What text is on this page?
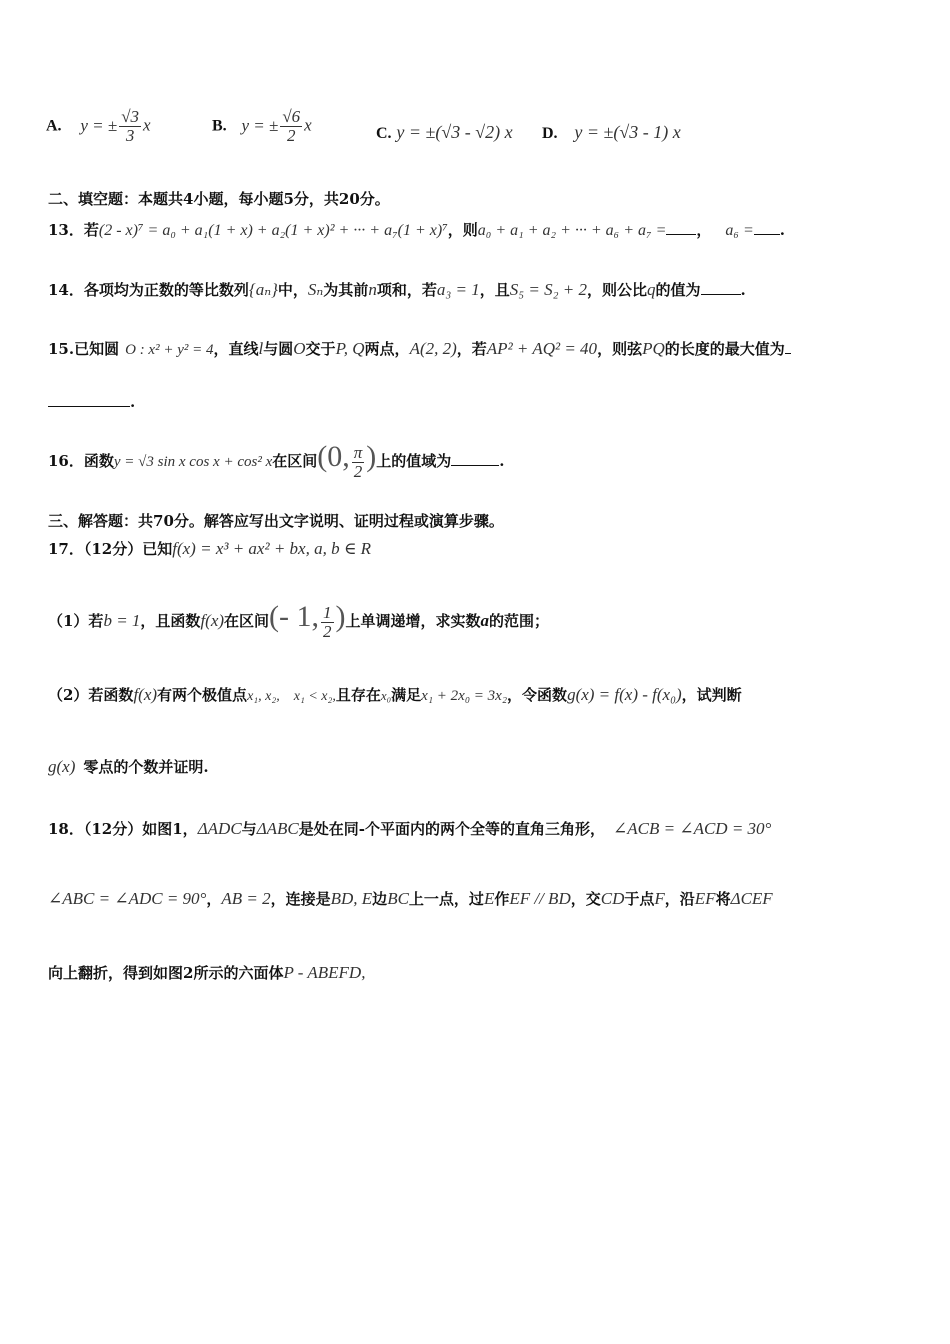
A. y = ± $\frac{√3}{3}$ x	B. y = ± $\frac{√6}{2}$ x	C. y = ±(√3 - √2) x D. y = ±(√3 - 1) x
二、填空题：本题共4小题，每小题5分，共20分。
13．若(2 - x)⁷ = a₀ + a₁(1 + x) + a₂(1 + x)² + ··· + a₇(1 + x)⁷，则a₀ + a₁ + a₂ + ··· + a₆ + a₇ = ， a₆ = .
14．各项均为正数的等比数列{aₙ}中，Sₙ为其前n项和，若a₃ = 1，且S₅ = S₂ + 2，则公比q的值为	.
15.已知圆 O : x² + y² = 4，直线l与圆O交于P, Q两点，A(2, 2)，若AP² + AQ² = 40，则弦PQ的长度的最大值为
.
16．函数y = √3 sin x cos x + cos² x在区间(0, $\frac{\pi}{2}$ )上的值域为	.
三、解答题：共70分。解答应写出文字说明、证明过程或演算步骤。
17．（12分）已知f(x) = x³ + ax² + bx, a, b ∈ R
（1）若b = 1，且函数f(x)在区间(- 1, $\frac{1}{2}$ )上单调递增，求实数a的范围；
（2）若函数f(x)有两个极值点x₁, x₂, x₁ < x₂,且存在x₀满足x₁ + 2x₀ = 3x₂，令函数g(x) = f(x) - f(x₀)，试判断
g(x) 零点的个数并证明.
18．（12分）如图1，ΔADC与ΔABC是处在同-个平面内的两个全等的直角三角形， ∠ACB = ∠ACD = 30°
∠ABC = ∠ADC = 90°，AB = 2，连接是BD, E边BC上一点，过E作EF // BD，交CD于点F，沿EF将ΔCEF
向上翻折，得到如图2所示的六面体P - ABEFD,
